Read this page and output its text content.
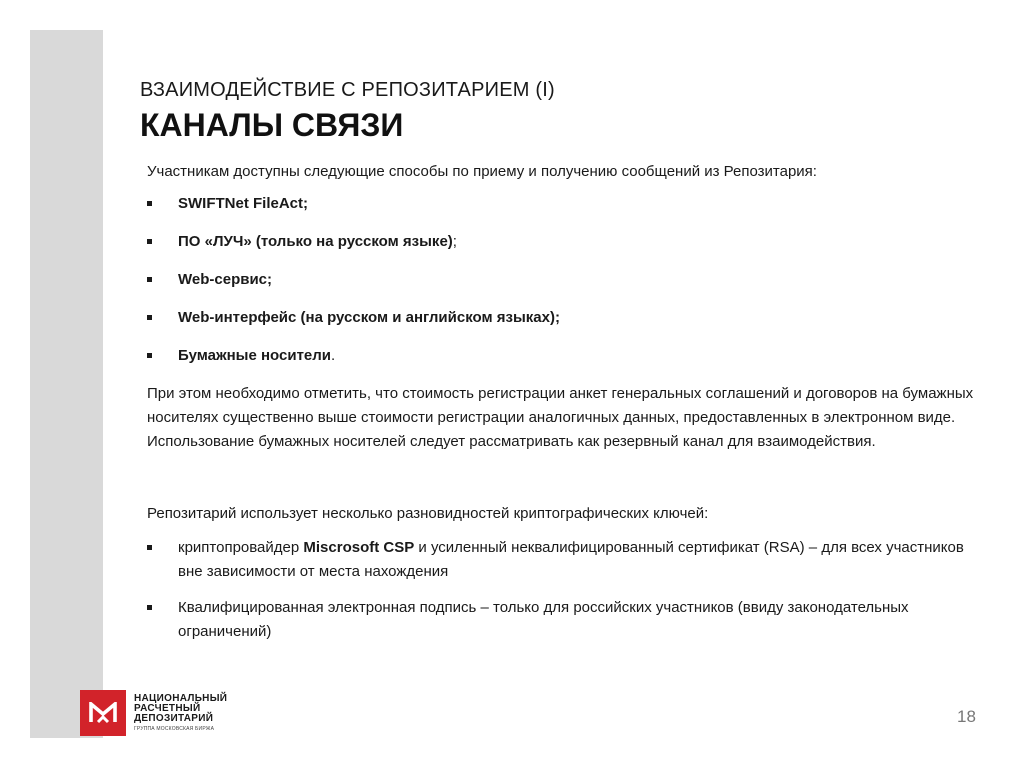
ВЗАИМОДЕЙСТВИЕ С РЕПОЗИТАРИЕМ (I)
КАНАЛЫ СВЯЗИ

Участникам доступны следующие способы по приему и получению сообщений из Репозитария:

SWIFTNet FileAct;
ПО «ЛУЧ» (только на русском языке);
Web-сервис;
Web-интерфейс (на русском и английском языках);
Бумажные носители.

При этом необходимо отметить, что стоимость регистрации анкет генеральных соглашений и договоров на бумажных носителях существенно выше стоимости регистрации аналогичных данных, предоставленных в электронном виде. Использование бумажных носителей следует рассматривать как резервный канал для взаимодействия.

Репозитарий использует несколько разновидностей криптографических ключей:

криптопровайдер Miscrosoft CSP и усиленный неквалифицированный сертификат (RSA) – для всех участников вне зависимости от места нахождения
Квалифицированная электронная подпись – только для российских участников (ввиду законодательных ограничений)
НАЦИОНАЛЬНЫЙ
РАСЧЕТНЫЙ
ДЕПОЗИТАРИЙ
ГРУППА МОСКОВСКАЯ БИРЖА
18
